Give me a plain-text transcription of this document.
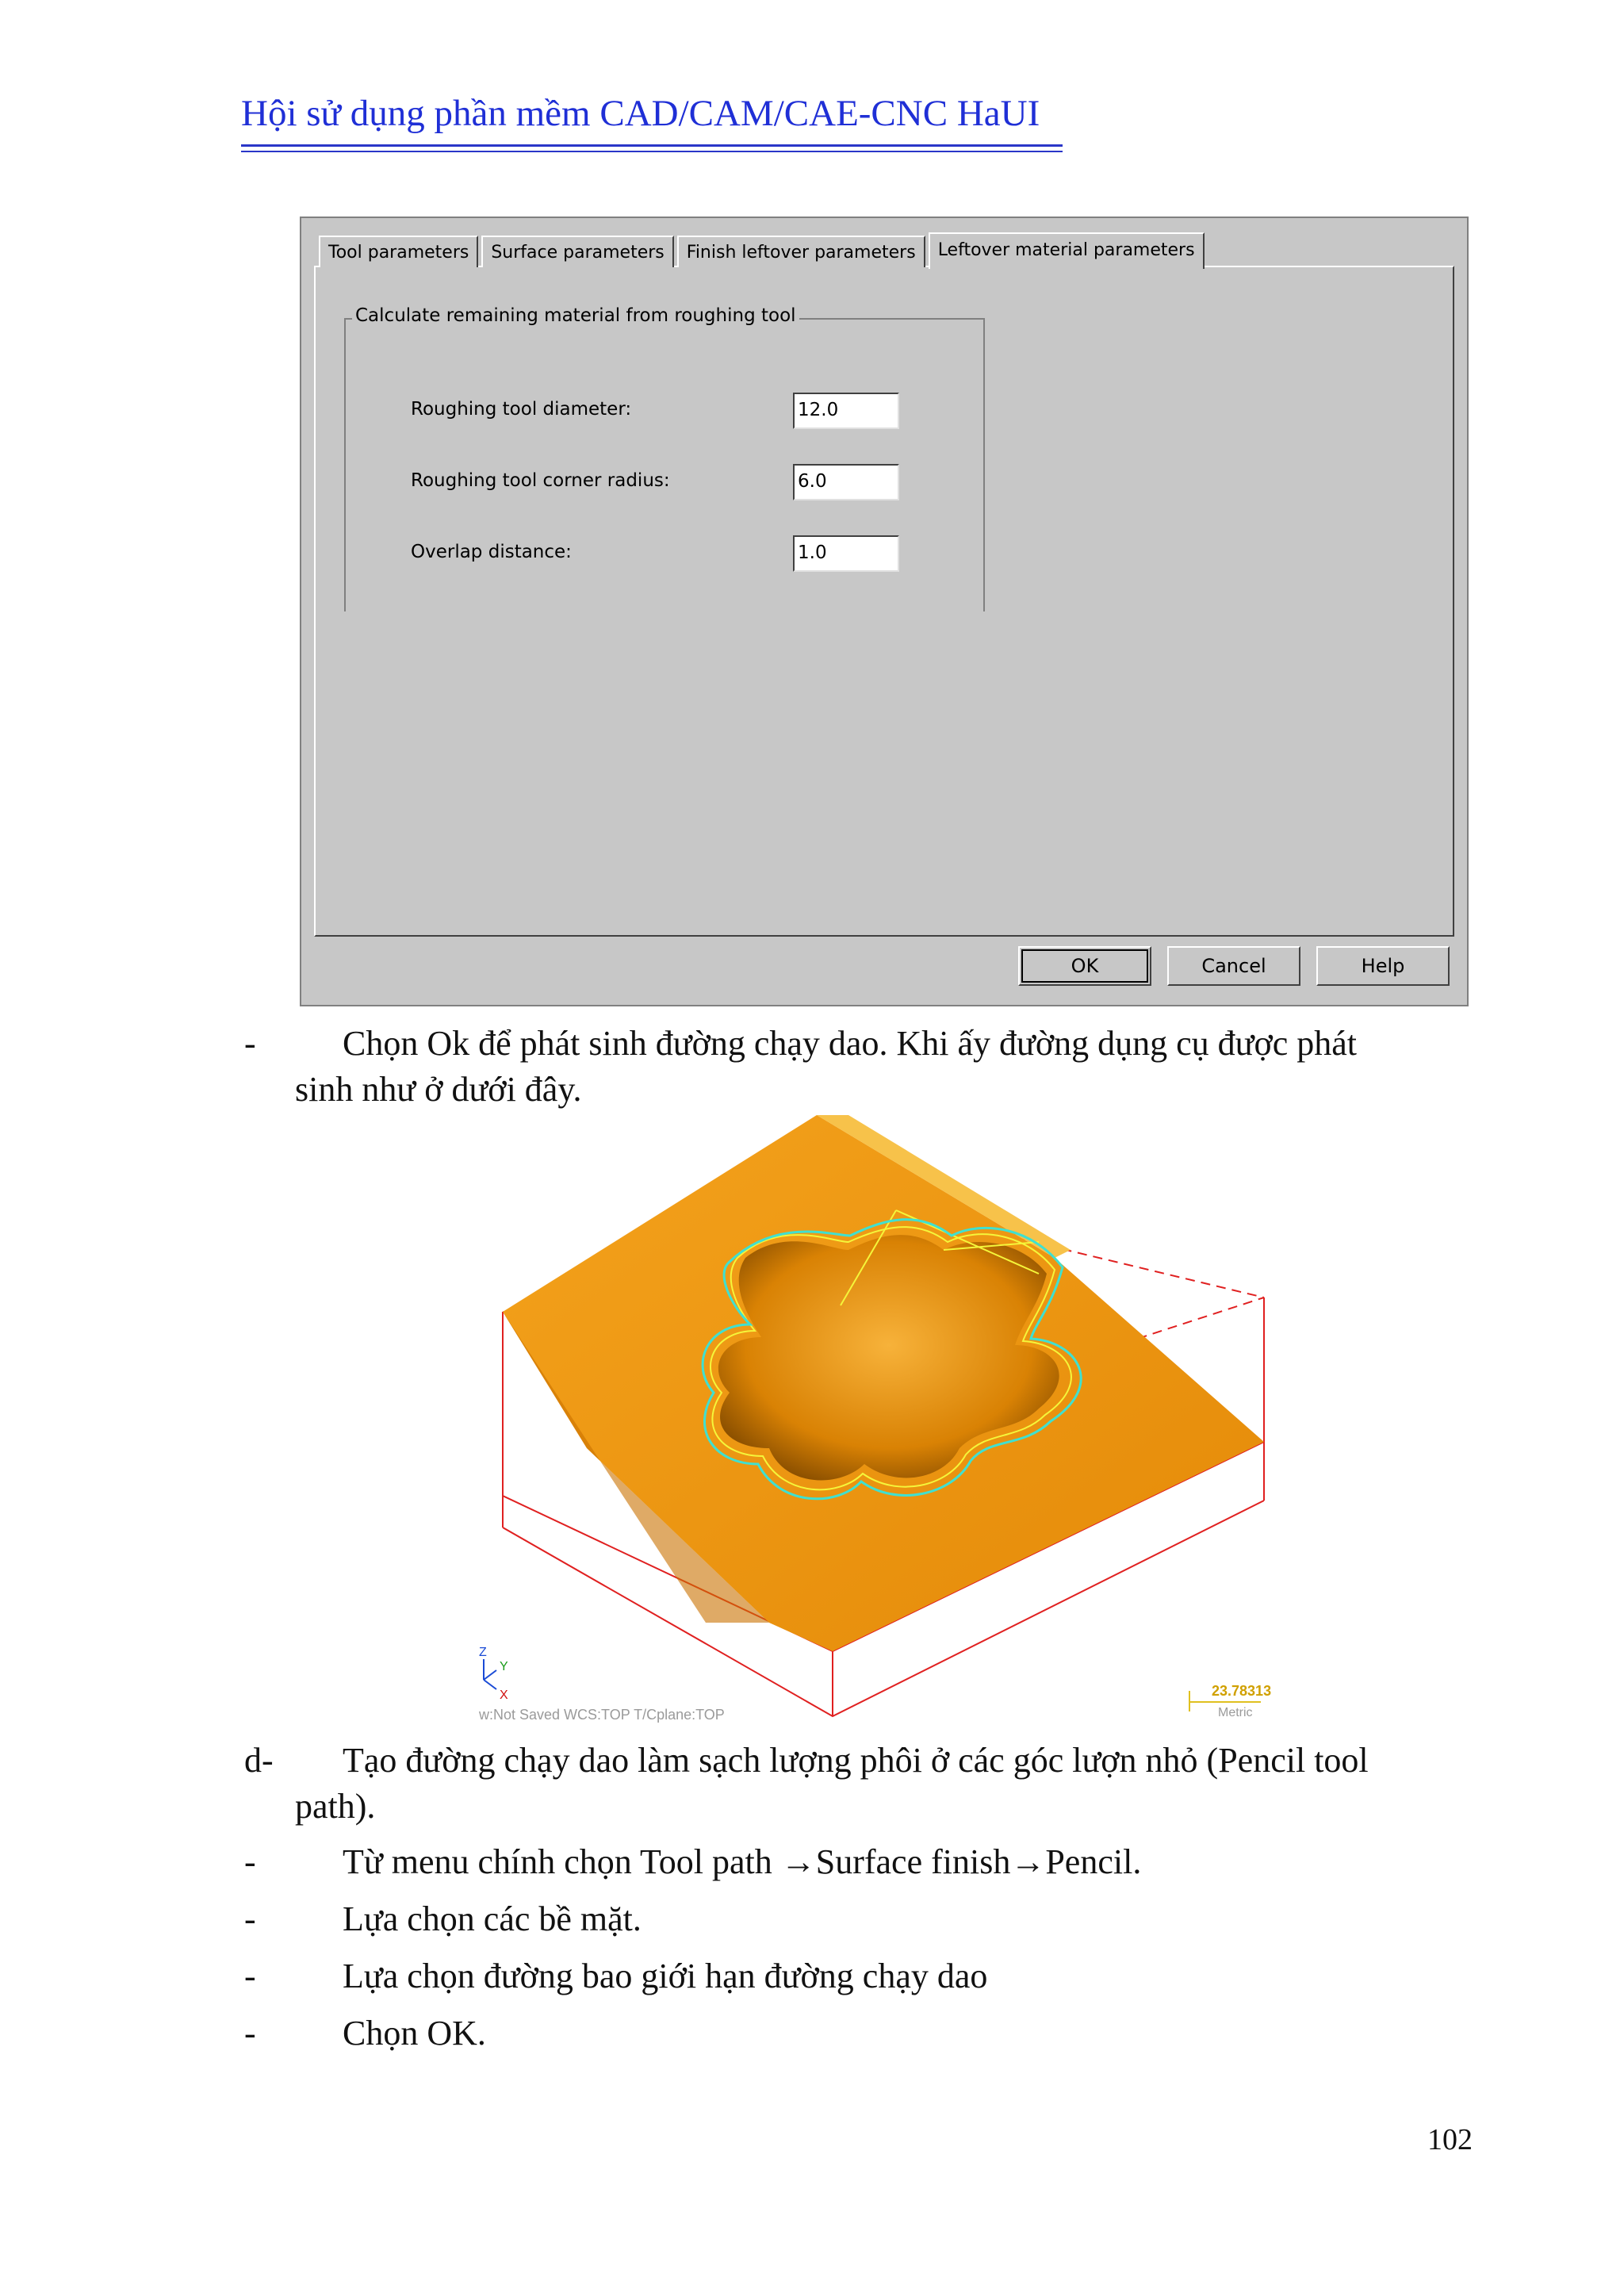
Hội sử dụng phần mềm CAD/CAM/CAE-CNC HaUI
Tool parameters	Surface parameters	Finish leftover parameters	Leftover material parameters
Calculate remaining material from roughing tool
Roughing tool diameter:	12.0
Roughing tool corner radius:	6.0
Overlap distance:	1.0
OK	Cancel	Help
- Chọn Ok để phát sinh đường chạy dao. Khi ấy đường dụng cụ được phát
sinh như ở dưới đây.
Z
Y
X
w:Not Saved WCS:TOP T/Cplane:TOP
23.78313
Metric
d- Tạo đường chạy dao làm sạch lượng phôi ở các góc lượn nhỏ (Pencil tool
path).
- Từ menu chính chọn Tool path →Surface finish→Pencil.
- Lựa chọn các bề mặt.
- Lựa chọn đường bao giới hạn đường chạy dao
- Chọn OK.
102
